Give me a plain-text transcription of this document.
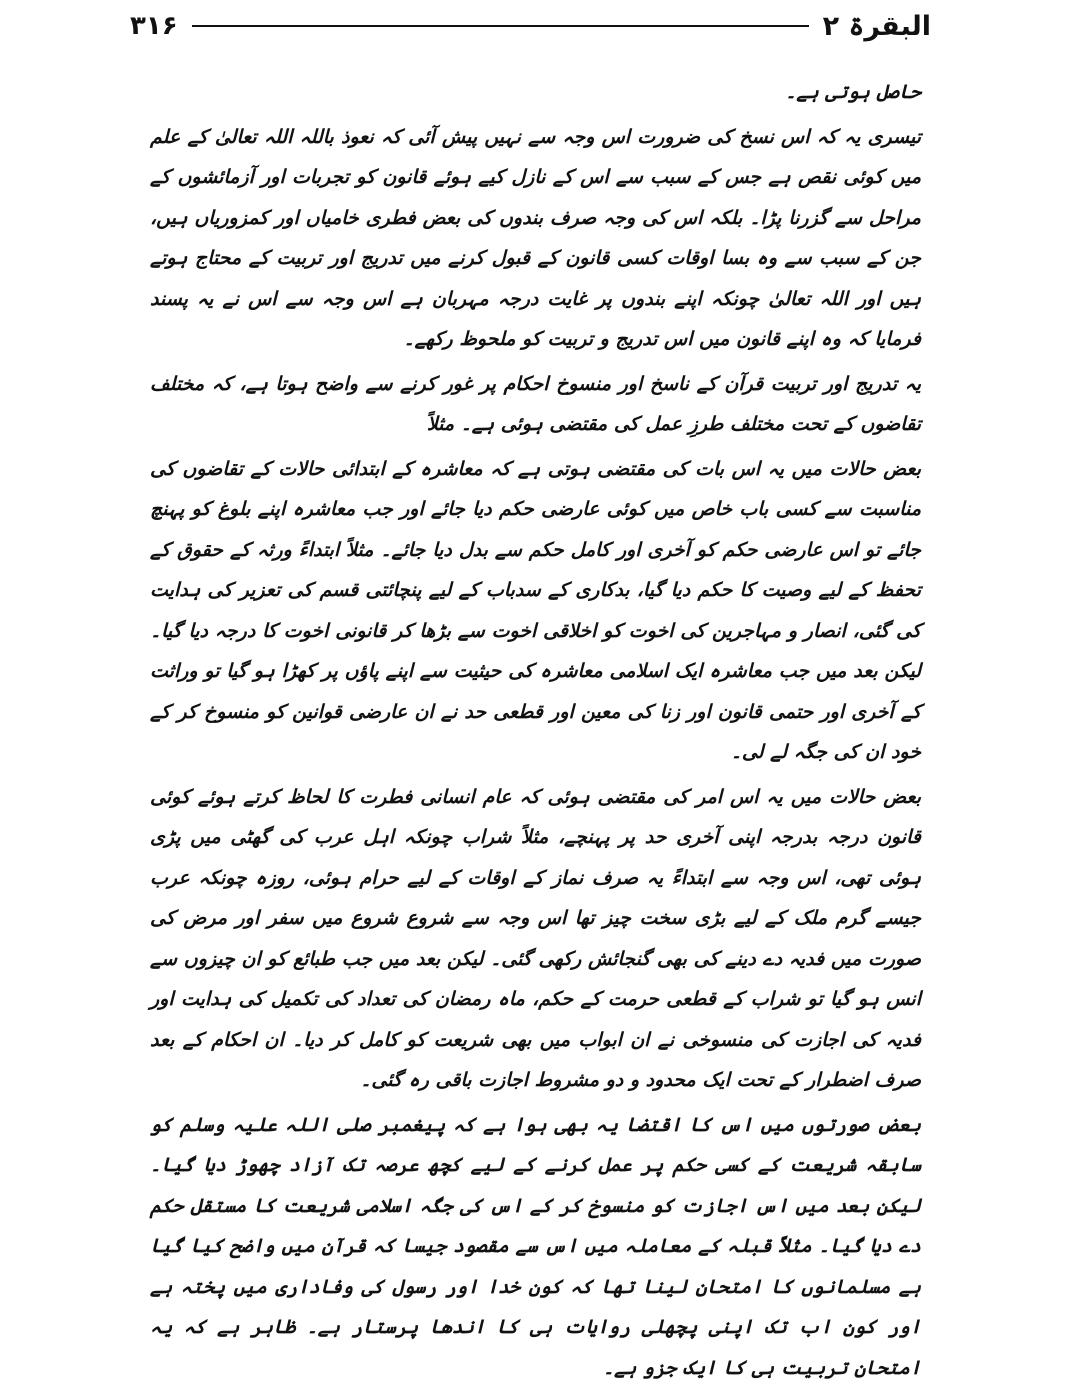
۳۱۶	البقرۃ ۲

حاصل ہوتی ہے۔

تیسری یہ کہ اس نسخ کی ضرورت اس وجہ سے نہیں پیش آئی کہ نعوذ باللہ اللہ تعالیٰ کے علم میں کوئی نقص ہے جس کے سبب سے اس کے نازل کیے ہوئے قانون کو تجربات اور آزمائشوں کے مراحل سے گزرنا پڑا۔ بلکہ اس کی وجہ صرف بندوں کی بعض فطری خامیاں اور کمزوریاں ہیں، جن کے سبب سے وہ بسا اوقات کسی قانون کے قبول کرنے میں تدریج اور تربیت کے محتاج ہوتے ہیں اور اللہ تعالیٰ چونکہ اپنے بندوں پر غایت درجہ مہربان ہے اس وجہ سے اس نے یہ پسند فرمایا کہ وہ اپنے قانون میں اس تدریج و تربیت کو ملحوظ رکھے۔

یہ تدریج اور تربیت قرآن کے ناسخ اور منسوخ احکام پر غور کرنے سے واضح ہوتا ہے، کہ مختلف تقاضوں کے تحت مختلف طرزِ عمل کی مقتضی ہوئی ہے۔ مثلاً

بعض حالات میں یہ اس بات کی مقتضی ہوتی ہے کہ معاشرہ کے ابتدائی حالات کے تقاضوں کی مناسبت سے کسی باب خاص میں کوئی عارضی حکم دیا جائے اور جب معاشرہ اپنے بلوغ کو پہنچ جائے تو اس عارضی حکم کو آخری اور کامل حکم سے بدل دیا جائے۔ مثلاً ابتداءً ورثہ کے حقوق کے تحفظ کے لیے وصیت کا حکم دیا گیا، بدکاری کے سدباب کے لیے پنچائتی قسم کی تعزیر کی ہدایت کی گئی، انصار و مہاجرین کی اخوت کو اخلاقی اخوت سے بڑھا کر قانونی اخوت کا درجہ دیا گیا۔ لیکن بعد میں جب معاشرہ ایک اسلامی معاشرہ کی حیثیت سے اپنے پاؤں پر کھڑا ہو گیا تو وراثت کے آخری اور حتمی قانون اور زنا کی معین اور قطعی حد نے ان عارضی قوانین کو منسوخ کر کے خود ان کی جگہ لے لی۔

بعض حالات میں یہ اس امر کی مقتضی ہوئی کہ عام انسانی فطرت کا لحاظ کرتے ہوئے کوئی قانون درجہ بدرجہ اپنی آخری حد پر پہنچے، مثلاً شراب چونکہ اہل عرب کی گھٹی میں پڑی ہوئی تھی، اس وجہ سے ابتداءً یہ صرف نماز کے اوقات کے لیے حرام ہوئی، روزہ چونکہ عرب جیسے گرم ملک کے لیے بڑی سخت چیز تھا اس وجہ سے شروع شروع میں سفر اور مرض کی صورت میں فدیہ دے دینے کی بھی گنجائش رکھی گئی۔ لیکن بعد میں جب طبائع کو ان چیزوں سے انس ہو گیا تو شراب کے قطعی حرمت کے حکم، ماہ رمضان کی تعداد کی تکمیل کی ہدایت اور فدیہ کی اجازت کی منسوخی نے ان ابواب میں بھی شریعت کو کامل کر دیا۔ ان احکام کے بعد صرف اضطرار کے تحت ایک محدود و دو مشروط اجازت باقی رہ گئی۔

بعض صورتوں میں اس کا اقتضا یہ بھی ہوا ہے کہ پیغمبر صلی اللہ علیہ وسلم کو سابقہ شریعت کے کسی حکم پر عمل کرنے کے لیے کچھ عرصہ تک آزاد چھوڑ دیا گیا۔ لیکن بعد میں اس اجازت کو منسوخ کر کے اس کی جگہ اسلامی شریعت کا مستقل حکم دے دیا گیا۔ مثلاً قبلہ کے معاملہ میں اس سے مقصود جیسا کہ قرآن میں واضح کیا گیا ہے مسلمانوں کا امتحان لینا تھا کہ کون خدا اور رسول کی وفاداری میں پختہ ہے اور کون اب تک اپنی پچھلی روایات ہی کا اندھا پرستار ہے۔ ظاہر ہے کہ یہ امتحان تربیت ہی کا ایک جزو ہے۔
